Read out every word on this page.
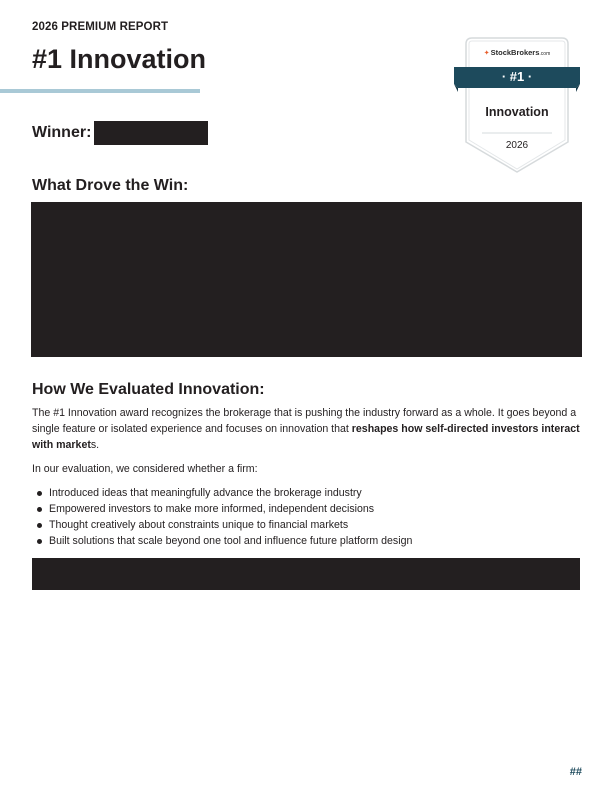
2026 PREMIUM REPORT
#1 Innovation	✦StockBrokers.com
· #1 ·
Innovation
2026
Winner:
What Drove the Win:
How We Evaluated Innovation:

The #1 Innovation award recognizes the brokerage that is pushing the industry forward as a whole. It goes beyond a single feature or isolated experience and focuses on innovation that reshapes how self-directed investors interact with markets.

In our evaluation, we considered whether a firm:

Introduced ideas that meaningfully advance the brokerage industry
Empowered investors to make more informed, independent decisions
Thought creatively about constraints unique to financial markets
Built solutions that scale beyond one tool and influence future platform design
##
